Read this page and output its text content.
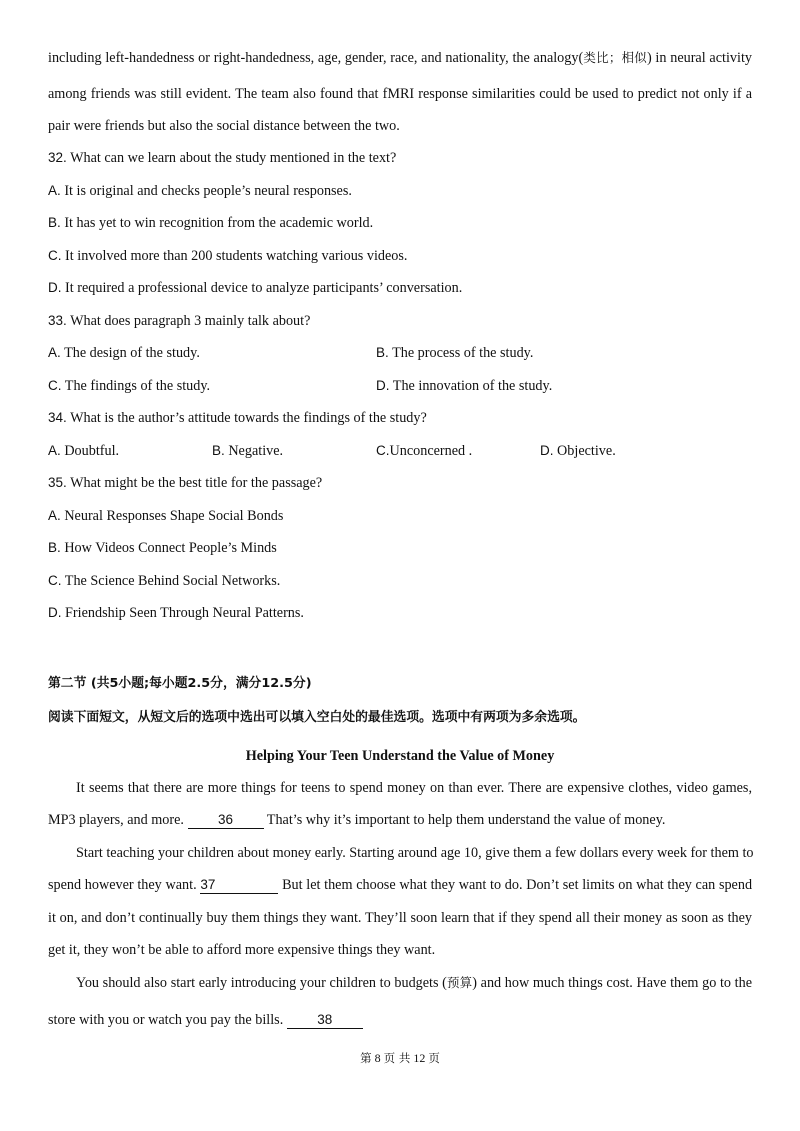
including left-handedness or right-handedness, age, gender, race, and nationality, the analogy(类比；相似) in neural activity
among friends was still evident. The team also found that fMRI response similarities could be used to predict not only if a
pair were friends but also the social distance between the two.
32. What can we learn about the study mentioned in the text?
A. It is original and checks people’s neural responses.
B. It has yet to win recognition from the academic world.
C. It involved more than 200 students watching various videos.
D. It required a professional device to analyze participants’ conversation.
33. What does paragraph 3 mainly talk about?
A. The design of the study.	B. The process of the study.
C. The findings of the study.	D. The innovation of the study.
34. What is the author’s attitude towards the findings of the study?
A. Doubtful.	B. Negative.	C.Unconcerned .	D. Objective.
35. What might be the best title for the passage?
A. Neural Responses Shape Social Bonds
B. How Videos Connect People’s Minds
C. The Science Behind Social Networks.
D. Friendship Seen Through Neural Patterns.
第二节 (共5小题;每小题2.5分，满分12.5分)
阅读下面短文，从短文后的选项中选出可以填入空白处的最佳选项。选项中有两项为多余选项。
Helping Your Teen Understand the Value of Money
It seems that there are more things for teens to spend money on than ever. There are expensive clothes, video games,
MP3 players, and more.	36 That’s why it’s important to help them understand the value of money.
Start teaching your children about money early. Starting around age 10, give them a few dollars every week for them to
spend however they want. 37	But let them choose what they want to do. Don’t set limits on what they can spend
it on, and don’t continually buy them things they want. They’ll soon learn that if they spend all their money as soon as they
get it, they won’t be able to afford more expensive things they want.
You should also start early introducing your children to budgets (预算) and how much things cost. Have them go to the
store with you or watch you pay the bills.	38
第 8 页 共 12 页
